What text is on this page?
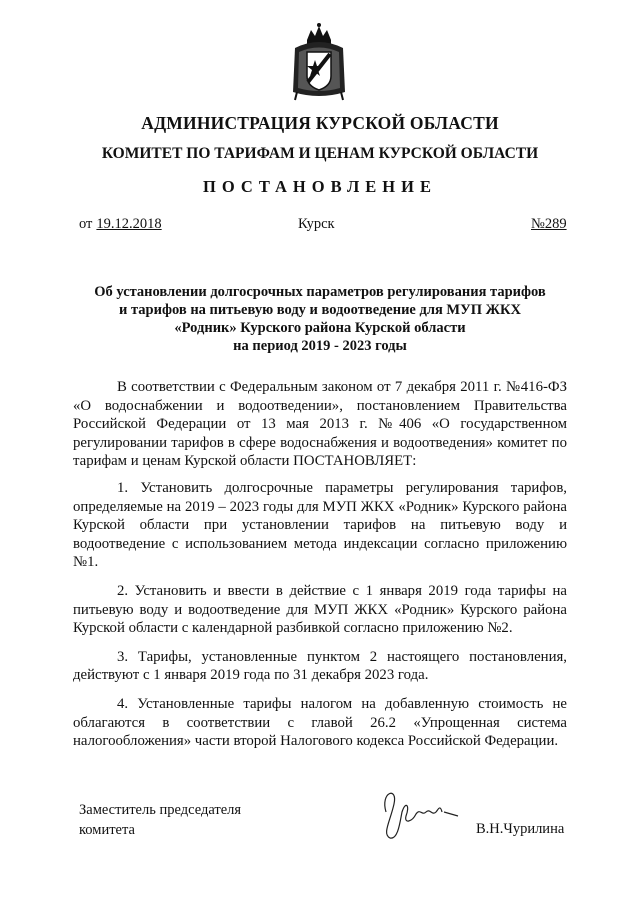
АДМИНИСТРАЦИЯ КУРСКОЙ ОБЛАСТИ
КОМИТЕТ ПО ТАРИФАМ И ЦЕНАМ КУРСКОЙ ОБЛАСТИ
ПОСТАНОВЛЕНИЕ
от 19.12.2018	Курск	№289
Об установлении долгосрочных параметров регулирования тарифов
и тарифов на питьевую воду и водоотведение для МУП ЖКХ
«Родник» Курского района Курской области
на период 2019 - 2023 годы

В соответствии с Федеральным законом от 7 декабря 2011 г. №416-ФЗ «О водоснабжении и водоотведении», постановлением Правительства Российской Федерации от 13 мая 2013 г. №406 «О государственном регулировании тарифов в сфере водоснабжения и водоотведения» комитет по тарифам и ценам Курской области ПОСТАНОВЛЯЕТ:

1. Установить долгосрочные параметры регулирования тарифов, определяемые на 2019 – 2023 годы для МУП ЖКХ «Родник» Курского района Курской области при установлении тарифов на питьевую воду и водоотведение с использованием метода индексации согласно приложению №1.

2. Установить и ввести в действие с 1 января 2019 года тарифы на питьевую воду и водоотведение для МУП ЖКХ «Родник» Курского района Курской области с календарной разбивкой согласно приложению №2.

3. Тарифы, установленные пунктом 2 настоящего постановления, действуют с 1 января 2019 года по 31 декабря 2023 года.

4. Установленные тарифы налогом на добавленную стоимость не облагаются в соответствии с главой 26.2 «Упрощенная система налогообложения» части второй Налогового кодекса Российской Федерации.

Заместитель председателя
комитета	В.Н.Чурилина
